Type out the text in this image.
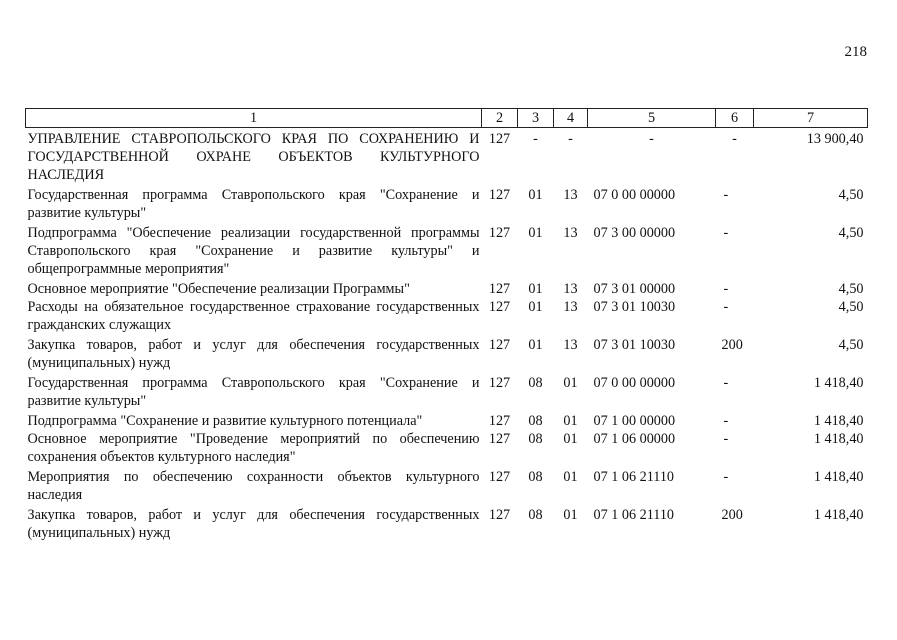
218
1	2	3	4	5	6	7
УПРАВЛЕНИЕ СТАВРОПОЛЬСКОГО КРАЯ ПО СОХРАНЕНИЮ И ГОСУДАРСТВЕННОЙ ОХРАНЕ ОБЪЕКТОВ КУЛЬТУРНОГО НАСЛЕДИЯ	127	-	-	-	-	13 900,40
Государственная программа Ставропольского края "Сохранение и развитие культуры"	127	01	13	07 0 00 00000	-	4,50
Подпрограмма "Обеспечение реализации государственной программы Ставропольского края "Сохранение и развитие культуры" и общепрограммные мероприятия"	127	01	13	07 3 00 00000	-	4,50
Основное мероприятие "Обеспечение реализации Программы"	127	01	13	07 3 01 00000	-	4,50
Расходы на обязательное государственное страхование государственных гражданских служащих	127	01	13	07 3 01 10030	-	4,50
Закупка товаров, работ и услуг для обеспечения государственных (муниципальных) нужд	127	01	13	07 3 01 10030	200	4,50
Государственная программа Ставропольского края "Сохранение и развитие культуры"	127	08	01	07 0 00 00000	-	1 418,40
Подпрограмма "Сохранение и развитие культурного потенциала"	127	08	01	07 1 00 00000	-	1 418,40
Основное мероприятие "Проведение мероприятий по обеспечению сохранения объектов культурного наследия"	127	08	01	07 1 06 00000	-	1 418,40
Мероприятия по обеспечению сохранности объектов культурного наследия	127	08	01	07 1 06 21110	-	1 418,40
Закупка товаров, работ и услуг для обеспечения государственных (муниципальных) нужд	127	08	01	07 1 06 21110	200	1 418,40
